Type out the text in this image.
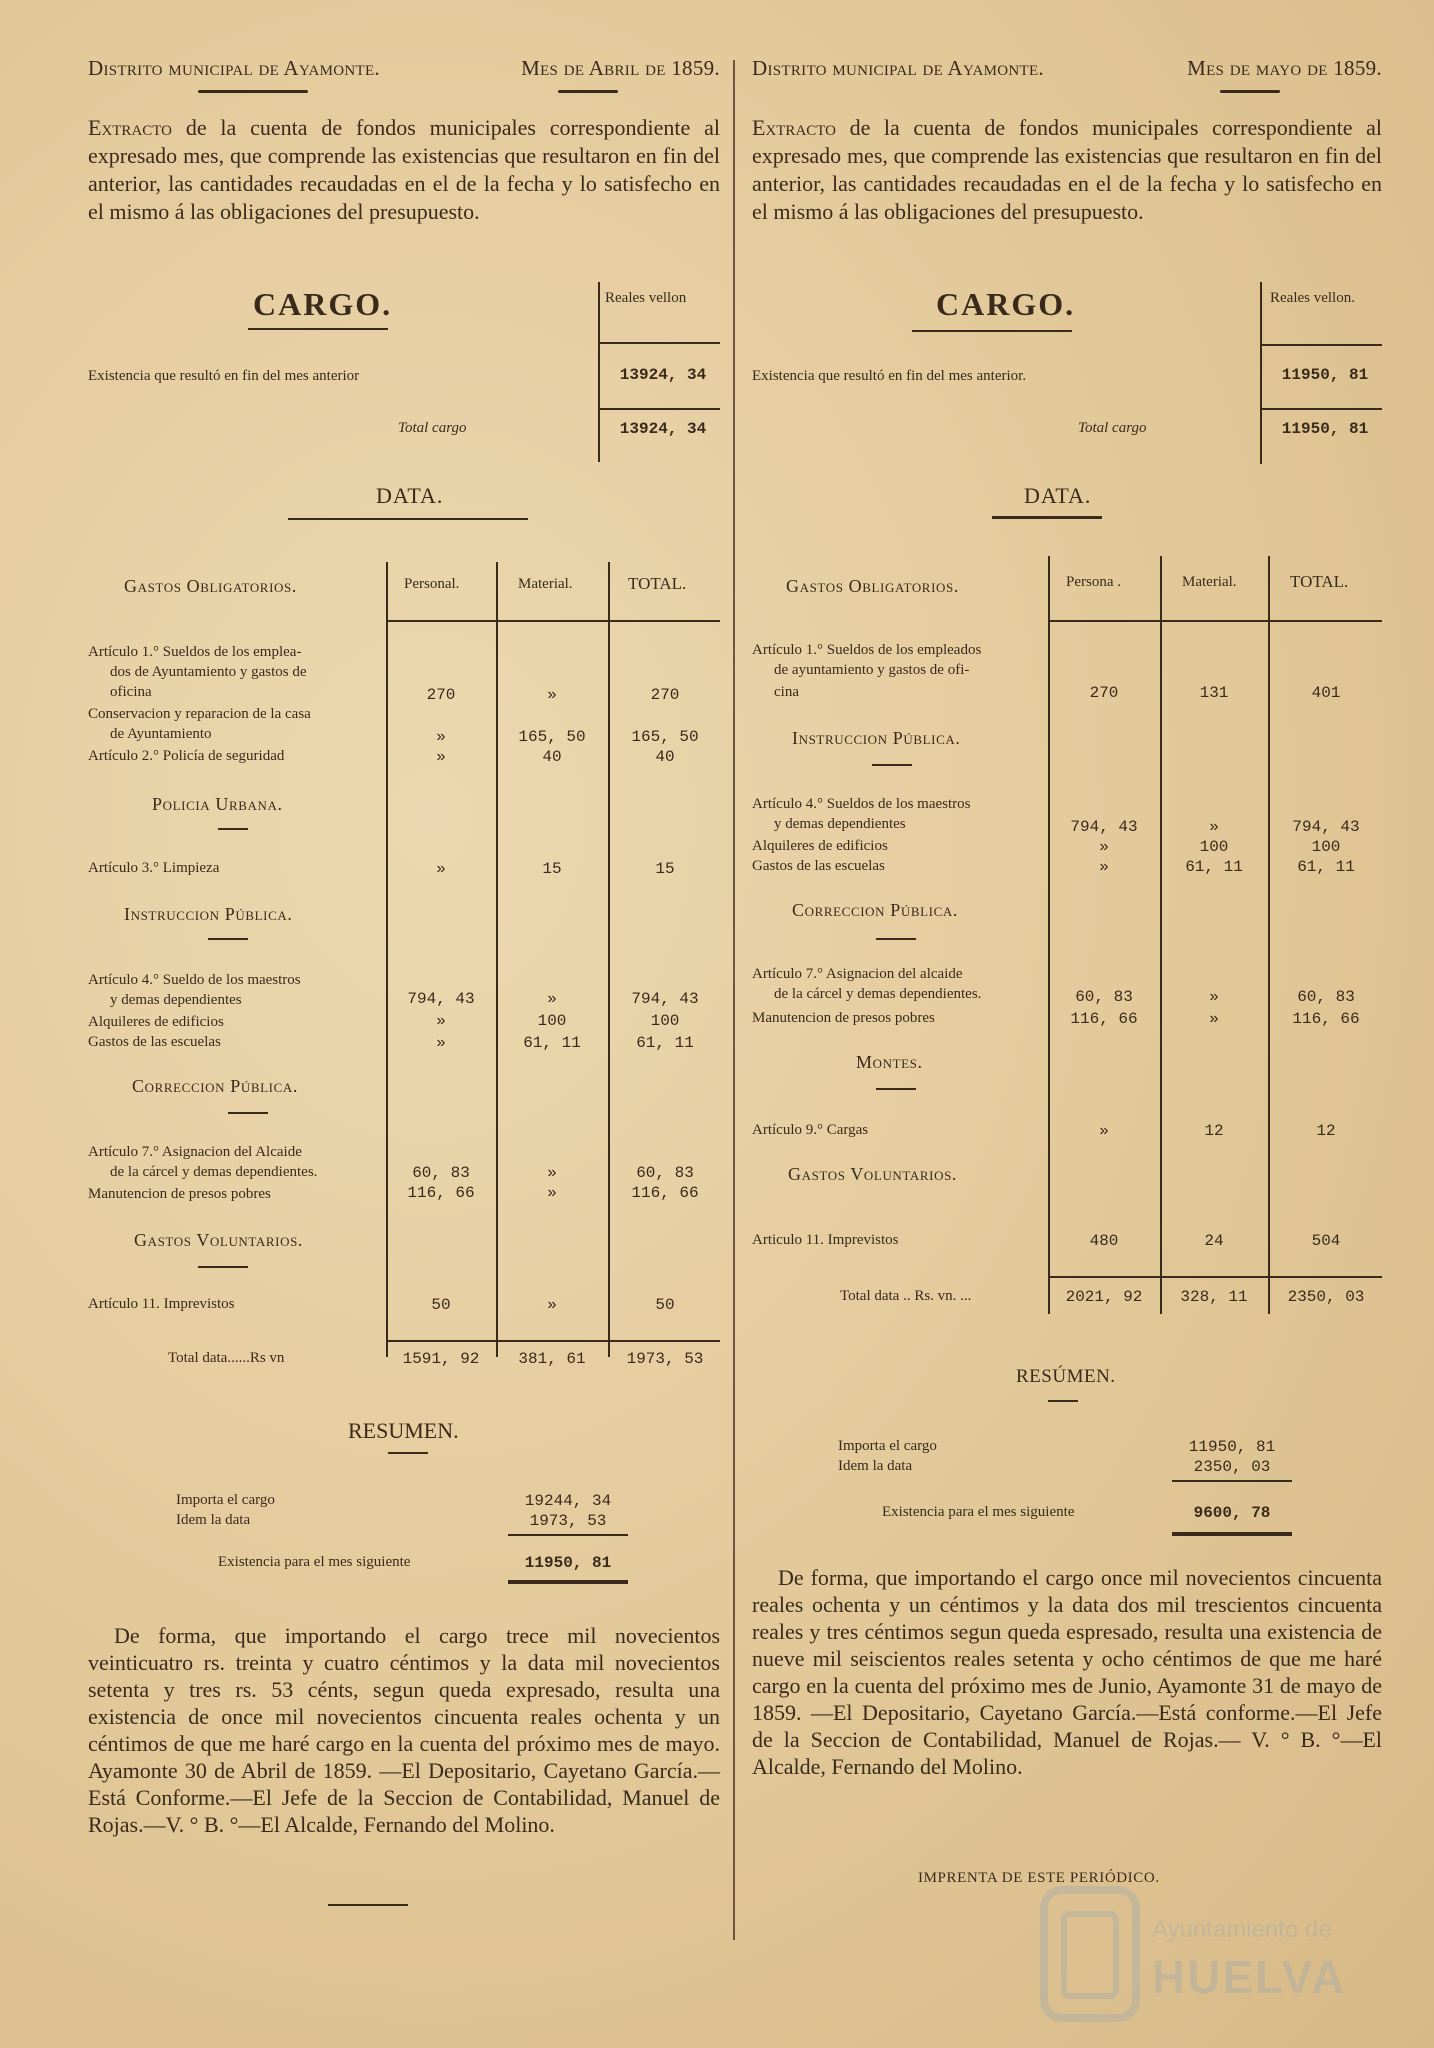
Distrito municipal de Ayamonte.	Mes de Abril de 1859.
Extracto de la cuenta de fondos municipales correspondiente al expresado mes, que comprende las existencias que resultaron en fin del anterior, las cantidades recaudadas en el de la fecha y lo satisfecho en el mismo á las obligaciones del presupuesto.
CARGO.	Reales vellon
Existencia que resultó en fin del mes anterior	13924, 34
Total cargo	13924, 34
DATA.
Gastos Obligatorios.	Personal.	Material.	TOTAL.
Artículo 1.° Sueldos de los emplea-
dos de Ayuntamiento y gastos de
oficina	270	»	270
Conservacion y reparacion de la casa
de Ayuntamiento	»	165, 50	165, 50
Artículo 2.° Policía de seguridad	»	40	40
Policia Urbana.
Artículo 3.° Limpieza	»	15	15
Instruccion Pública.
Artículo 4.° Sueldo de los maestros
y demas dependientes	794, 43	»	794, 43
Alquileres de edificios	»	100	100
Gastos de las escuelas	»	61, 11	61, 11
Correccion Pública.
Artículo 7.° Asignacion del Alcaide
de la cárcel y demas dependientes.	60, 83	»	60, 83
Manutencion de presos pobres	116, 66	»	116, 66
Gastos Voluntarios.
Artículo 11. Imprevistos	50	»	50
Total data......Rs vn	1591, 92	381, 61	1973, 53
RESUMEN.
Importa el cargo	19244, 34
Idem la data	1973, 53
Existencia para el mes siguiente	11950, 81
De forma, que importando el cargo trece mil novecientos veinticuatro rs. treinta y cuatro céntimos y la data mil novecientos setenta y tres rs. 53 cénts, segun queda expresado, resulta una existencia de once mil novecientos cincuenta reales ochenta y un céntimos de que me haré cargo en la cuenta del próximo mes de mayo. Ayamonte 30 de Abril de 1859. —El Depositario, Cayetano García.—Está Conforme.—El Jefe de la Seccion de Contabilidad, Manuel de Rojas.—V. ° B. °—El Alcalde, Fernando del Molino.
Distrito municipal de Ayamonte.	Mes de mayo de 1859.
Extracto de la cuenta de fondos municipales correspondiente al expresado mes, que comprende las existencias que resultaron en fin del anterior, las cantidades recaudadas en el de la fecha y lo satisfecho en el mismo á las obligaciones del presupuesto.
CARGO.	Reales vellon.
Existencia que resultó en fin del mes anterior.	11950, 81
Total cargo	11950, 81
DATA.
Gastos Obligatorios.	Persona .	Material.	TOTAL.
Artículo 1.° Sueldos de los empleados
de ayuntamiento y gastos de ofi-
cina	270	131	401
Instruccion Pública.
Artículo 4.° Sueldos de los maestros
y demas dependientes	794, 43	»	794, 43
Alquileres de edificios	»	100	100
Gastos de las escuelas	»	61, 11	61, 11
Correccion Pública.
Artículo 7.° Asignacion del alcaide
de la cárcel y demas dependientes.	60, 83	»	60, 83
Manutencion de presos pobres	116, 66	»	116, 66
Montes.
Artículo 9.° Cargas	»	12	12
Gastos Voluntarios.
Articulo 11. Imprevistos	480	24	504
Total data .. Rs. vn. ...	2021, 92	328, 11	2350, 03
RESÚMEN.
Importa el cargo	11950, 81
Idem la data	2350, 03
Existencia para el mes siguiente	9600, 78
De forma, que importando el cargo once mil novecientos cincuenta reales ochenta y un céntimos y la data dos mil trescientos cincuenta reales y tres céntimos segun queda espresado, resulta una existencia de nueve mil seiscientos reales setenta y ocho céntimos de que me haré cargo en la cuenta del próximo mes de Junio, Ayamonte 31 de mayo de 1859. —El Depositario, Cayetano García.—Está conforme.—El Jefe de la Seccion de Contabilidad, Manuel de Rojas.— V. ° B. °—El Alcalde, Fernando del Molino.
IMPRENTA DE ESTE PERIÓDICO.
Ayuntamiento de
HUELVA
